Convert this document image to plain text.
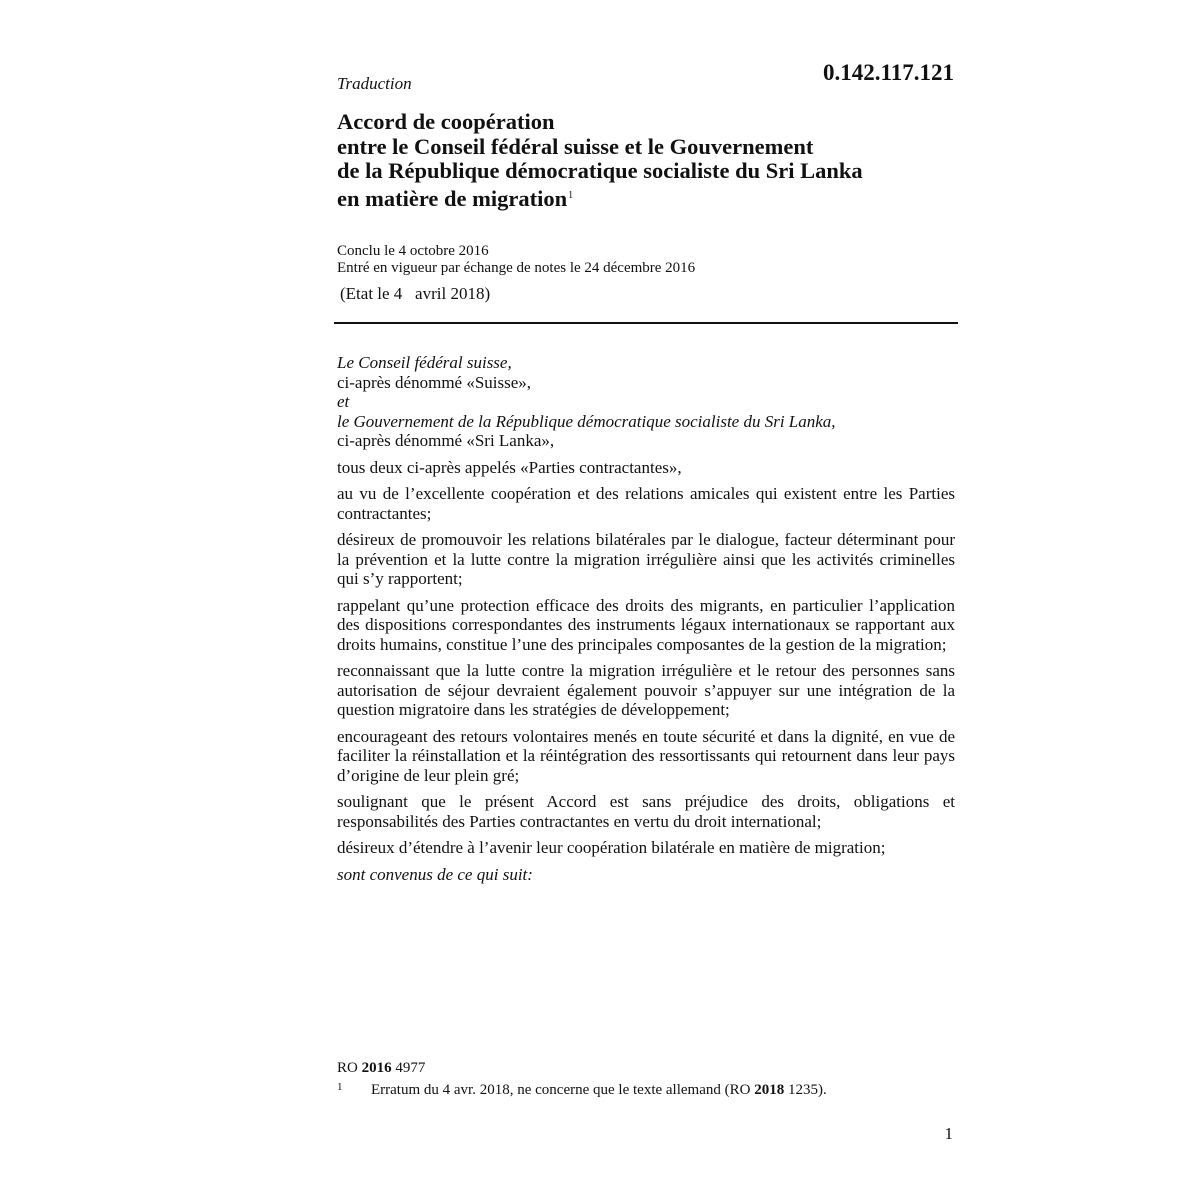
Traduction	0.142.117.121
Accord de coopération
entre le Conseil fédéral suisse et le Gouvernement
de la République démocratique socialiste du Sri Lanka
en matière de migration$^1$
Conclu le 4 octobre 2016
Entré en vigueur par échange de notes le 24 décembre 2016
(Etat le 4   avril 2018)
Le Conseil fédéral suisse,
ci-après dénommé «Suisse»,
et
le Gouvernement de la République démocratique socialiste du Sri Lanka,
ci-après dénommé «Sri Lanka»,
tous deux ci-après appelés «Parties contractantes»,
au vu de l’excellente coopération et des relations amicales qui existent entre les Parties contractantes;
désireux de promouvoir les relations bilatérales par le dialogue, facteur déterminant pour la prévention et la lutte contre la migration irrégulière ainsi que les activités criminelles qui s’y rapportent;
rappelant qu’une protection efficace des droits des migrants, en particulier l’application des dispositions correspondantes des instruments légaux internationaux se rapportant aux droits humains, constitue l’une des principales composantes de la gestion de la migration;
reconnaissant que la lutte contre la migration irrégulière et le retour des personnes sans autorisation de séjour devraient également pouvoir s’appuyer sur une intégration de la question migratoire dans les stratégies de développement;
encourageant des retours volontaires menés en toute sécurité et dans la dignité, en vue de faciliter la réinstallation et la réintégration des ressortissants qui retournent dans leur pays d’origine de leur plein gré;
soulignant que le présent Accord est sans préjudice des droits, obligations et responsabilités des Parties contractantes en vertu du droit international;
désireux d’étendre à l’avenir leur coopération bilatérale en matière de migration;
sont convenus de ce qui suit:
RO 2016 4977
1 Erratum du 4 avr. 2018, ne concerne que le texte allemand (RO 2018 1235).
1
